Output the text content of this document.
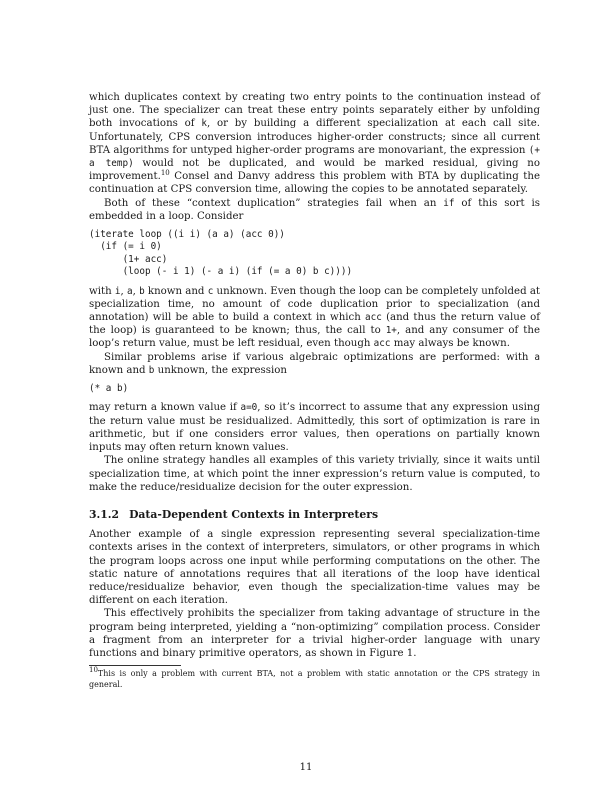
which duplicates context by creating two entry points to the continuation instead of just one. The specializer can treat these entry points separately either by unfolding both invocations of k, or by building a different specialization at each call site. Unfortunately, CPS conversion introduces higher-order constructs; since all current BTA algorithms for untyped higher-order programs are monovariant, the expression (+ a temp) would not be duplicated, and would be marked residual, giving no improvement.$^{10}$ Consel and Danvy address this problem with BTA by duplicating the continuation at CPS conversion time, allowing the copies to be annotated separately.

Both of these “context duplication” strategies fail when an if of this sort is embedded in a loop. Consider

(iterate loop ((i i) (a a) (acc 0))
(if (= i 0)
(1+ acc)
(loop (- i 1) (- a i) (if (= a 0) b c))))

with i, a, b known and c unknown. Even though the loop can be completely unfolded at specialization time, no amount of code duplication prior to specialization (and annotation) will be able to build a context in which acc (and thus the return value of the loop) is guaranteed to be known; thus, the call to 1+, and any consumer of the loop’s return value, must be left residual, even though acc may always be known.

Similar problems arise if various algebraic optimizations are performed: with a known and b unknown, the expression

(* a b)

may return a known value if a=0, so it’s incorrect to assume that any expression using the return value must be residualized. Admittedly, this sort of optimization is rare in arithmetic, but if one considers error values, then operations on partially known inputs may often return known values.

The online strategy handles all examples of this variety trivially, since it waits until specialization time, at which point the inner expression’s return value is computed, to make the reduce/residualize decision for the outer expression.

3.1.2 Data-Dependent Contexts in Interpreters

Another example of a single expression representing several specialization-time contexts arises in the context of interpreters, simulators, or other programs in which the program loops across one input while performing computations on the other. The static nature of annotations requires that all iterations of the loop have identical reduce/residualize behavior, even though the specialization-time values may be different on each iteration.

This effectively prohibits the specializer from taking advantage of structure in the program being interpreted, yielding a “non-optimizing” compilation process. Consider a fragment from an interpreter for a trivial higher-order language with unary functions and binary primitive operators, as shown in Figure 1.

$^{10}$This is only a problem with current BTA, not a problem with static annotation or the CPS strategy in general.

11
